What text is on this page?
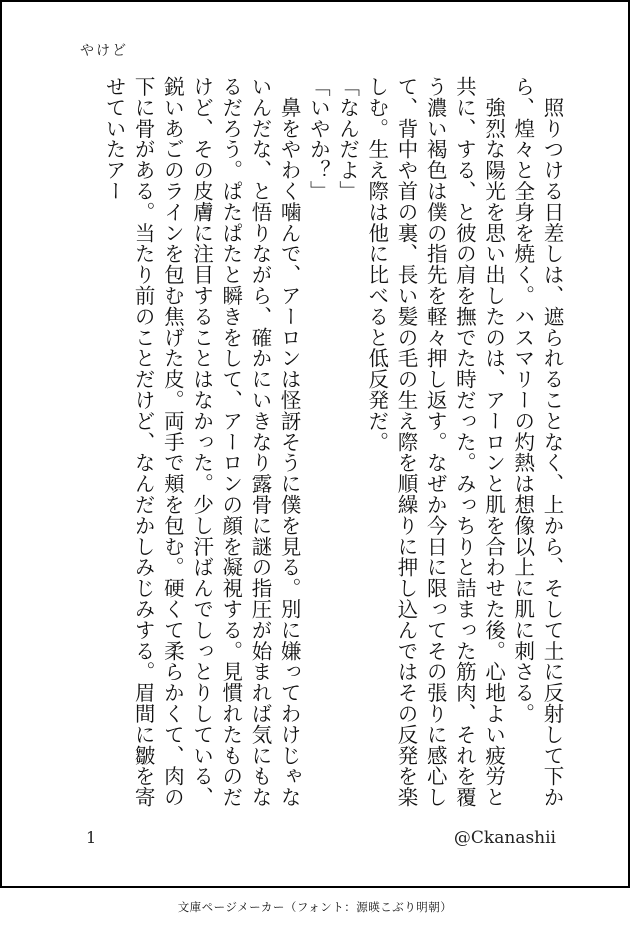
やけど

　照りつける日差しは、遮られることなく、上から、そして土に反射して下から、煌々と全身を焼く。ハスマリーの灼熱は想像以上に肌に刺さる。

　強烈な陽光を思い出したのは、アーロンと肌を合わせた後。心地よい疲労と共に、する、と彼の肩を撫でた時だった。みっちりと詰まった筋肉、それを覆う濃い褐色は僕の指先を軽々押し返す。なぜか今日に限ってその張りに感心して、背中や首の裏、長い髪の毛の生え際を順繰りに押し込んではその反発を楽しむ。生え際は他に比べると低反発だ。

「なんだよ」

「いやか？」

　鼻をやわく噛んで、アーロンは怪訝そうに僕を見る。別に嫌ってわけじゃないんだな、と悟りながら、確かにいきなり露骨に謎の指圧が始まれば気にもなるだろう。ぱたぱたと瞬きをして、アーロンの顔を凝視する。見慣れたものだけど、その皮膚に注目することはなかった。少し汗ばんでしっとりしている、鋭いあごのラインを包む焦げた皮。両手で頬を包む。硬くて柔らかくて、肉の下に骨がある。当たり前のことだけど、なんだかしみじみする。眉間に皺を寄せていたアー

1	@Ckanashii
文庫ページメーカー（フォント：源暎こぶり明朝）
